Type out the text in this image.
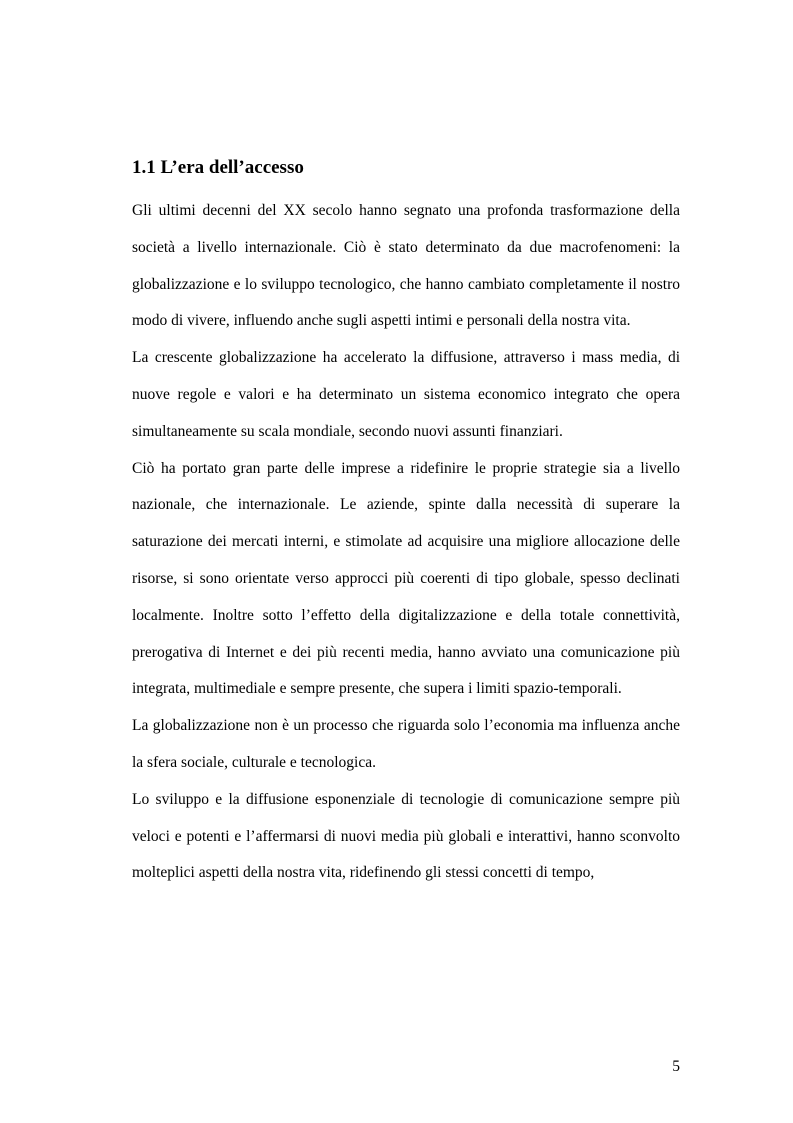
1.1 L’era dell’accesso

Gli ultimi decenni del XX secolo hanno segnato una profonda trasformazione della società a livello internazionale. Ciò è stato determinato da due macrofenomeni: la globalizzazione e lo sviluppo tecnologico, che hanno cambiato completamente il nostro modo di vivere, influendo anche sugli aspetti intimi e personali della nostra vita.

La crescente globalizzazione ha accelerato la diffusione, attraverso i mass media, di nuove regole e valori e ha determinato un sistema economico integrato che opera simultaneamente su scala mondiale, secondo nuovi assunti finanziari.

Ciò ha portato gran parte delle imprese a ridefinire le proprie strategie sia a livello nazionale, che internazionale. Le aziende, spinte dalla necessità di superare la saturazione dei mercati interni, e stimolate ad acquisire una migliore allocazione delle risorse, si sono orientate verso approcci più coerenti di tipo globale, spesso declinati localmente. Inoltre sotto l’effetto della digitalizzazione e della totale connettività, prerogativa di Internet e dei più recenti media, hanno avviato una comunicazione più integrata, multimediale e sempre presente, che supera i limiti spazio-temporali.

La globalizzazione non è un processo che riguarda solo l’economia ma influenza anche la sfera sociale, culturale e tecnologica.

Lo sviluppo e la diffusione esponenziale di tecnologie di comunicazione sempre più veloci e potenti e l’affermarsi di nuovi media più globali e interattivi, hanno sconvolto molteplici aspetti della nostra vita, ridefinendo gli stessi concetti di tempo,

5
